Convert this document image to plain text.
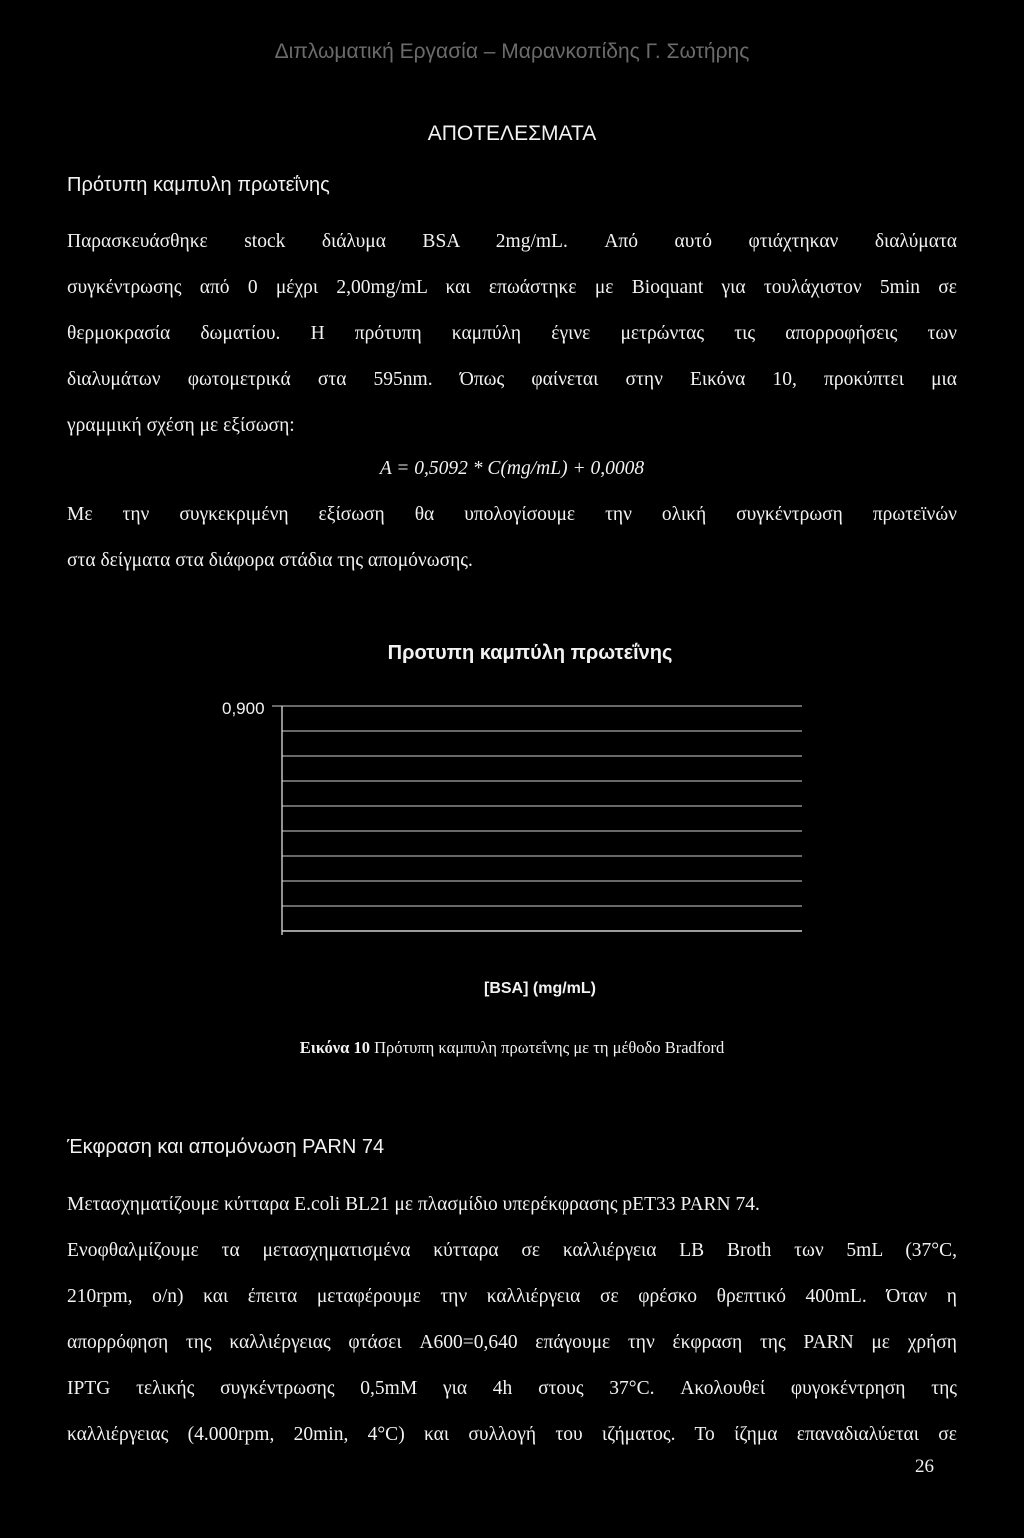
Διπλωματική Εργασία – Μαρανκοπίδης Γ. Σωτήρης
ΑΠΟΤΕΛΕΣΜΑΤΑ
Πρότυπη καμπυλη πρωτεΐνης
Παρασκευάσθηκε stock διάλυμα BSA 2mg/mL. Από αυτό φτιάχτηκαν διαλύματα
συγκέντρωσης από 0 μέχρι 2,00mg/mL και επωάστηκε με Bioquant για τουλάχιστον 5min σε
θερμοκρασία δωματίου. Η πρότυπη καμπύλη έγινε μετρώντας τις απορροφήσεις των
διαλυμάτων φωτομετρικά στα 595nm. Όπως φαίνεται στην Εικόνα 10, προκύπτει μια
γραμμική σχέση με εξίσωση:
A = 0,5092 * C(mg/mL) + 0,0008
Με την συγκεκριμένη εξίσωση θα υπολογίσουμε την ολική συγκέντρωση πρωτεϊνών
στα δείγματα στα διάφορα στάδια της απομόνωσης.
Προτυπη καμπύλη πρωτεΐνης
0,900
[BSA] (mg/mL)
Εικόνα 10 Πρότυπη καμπυλη πρωτεΐνης με τη μέθοδο Bradford
Έκφραση και απομόνωση PARN 74
Μετασχηματίζουμε κύτταρα E.coli BL21 με πλασμίδιο υπερέκφρασης pET33 PARN 74.
Ενοφθαλμίζουμε τα μετασχηματισμένα κύτταρα σε καλλιέργεια LB Broth των 5mL (37°C,
210rpm, o/n) και έπειτα μεταφέρουμε την καλλιέργεια σε φρέσκο θρεπτικό 400mL. Όταν η
απορρόφηση της καλλιέργειας φτάσει A600=0,640 επάγουμε την έκφραση της PARN με χρήση
IPTG τελικής συγκέντρωσης 0,5mM για 4h στους 37°C. Ακολουθεί φυγοκέντρηση της
καλλιέργειας (4.000rpm, 20min, 4°C) και συλλογή του ιζήματος. Το ίζημα επαναδιαλύεται σε
26
